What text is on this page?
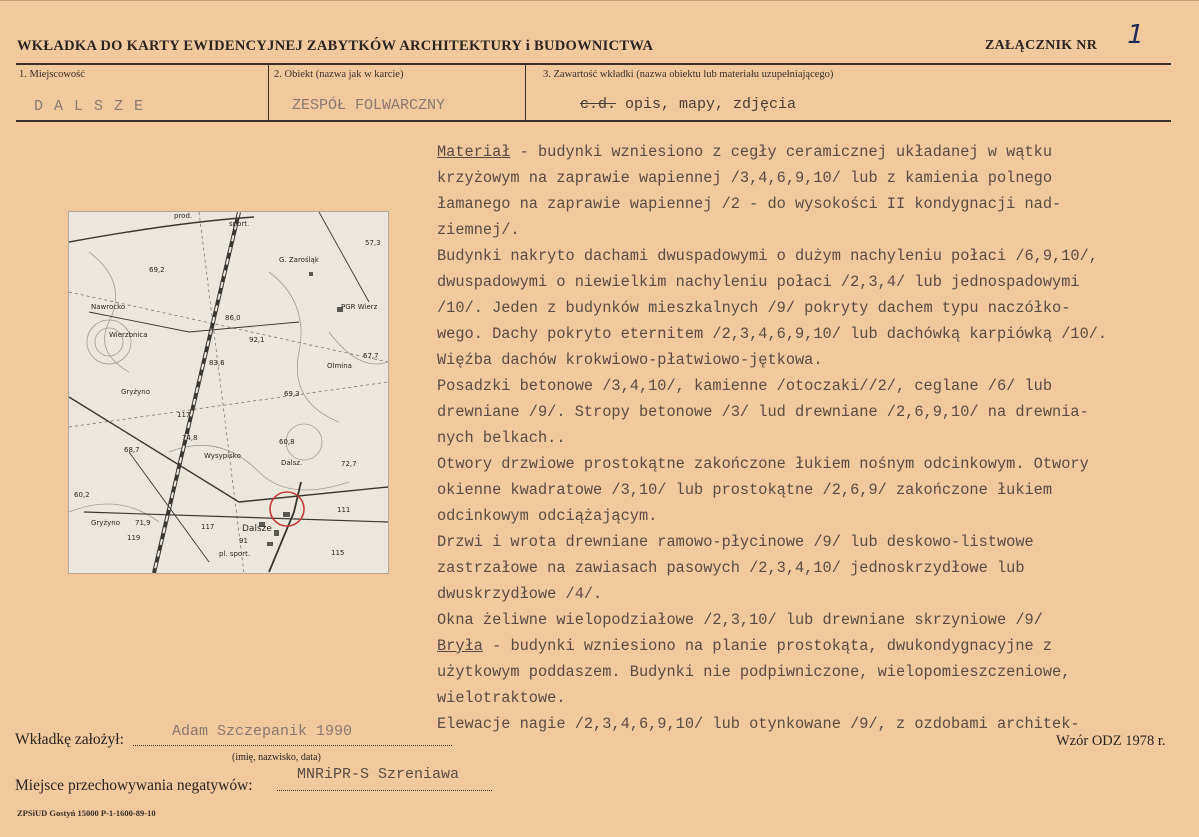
WKŁADKA DO KARTY EWIDENCYJNEJ ZABYTKÓW ARCHITEKTURY i BUDOWNICTWA	ZAŁĄCZNIK NR 1
1. Miejscowość
DALSZE
2. Obiekt (nazwa jak w karcie)
ZESPÓŁ FOLWARCZNY
3. Zawartość wkładki (nazwa obiektu lub materiału uzupełniającego)
c.d. opis, mapy, zdjęcia
prod.
sport.
57,3
G. Zarośląk
69,2
Nawrocko	PGR Wierz
86,0
Wierzbnica
92,1
67,7
Olmina
83,6
69,3
Gryżyno
117
74,8	60,8
68,7
Wysypisko
Dalsz.	72,7
60,2
111
Gryżyno 71,9
119
Dalsze
117
91
pl. sport.	115

Materiał - budynki wzniesiono z cegły ceramicznej układanej w wątku

krzyżowym na zaprawie wapiennej /3,4,6,9,10/ lub z kamienia polnego

łamanego na zaprawie wapiennej /2 - do wysokości II kondygnacji nad-

ziemnej/.

Budynki nakryto dachami dwuspadowymi o dużym nachyleniu połaci /6,9,10/,

dwuspadowymi o niewielkim nachyleniu połaci /2,3,4/ lub jednospadowymi

/10/. Jeden z budynków mieszkalnych /9/ pokryty dachem typu naczółko-

wego. Dachy pokryto eternitem /2,3,4,6,9,10/ lub dachówką karpiówką /10/.

Więźba dachów krokwiowo-płatwiowo-jętkowa.

Posadzki betonowe /3,4,10/, kamienne /otoczaki//2/, ceglane /6/ lub

drewniane /9/. Stropy betonowe /3/ lud drewniane /2,6,9,10/ na drewnia-

nych belkach..

Otwory drzwiowe prostokątne zakończone łukiem nośnym odcinkowym. Otwory

okienne kwadratowe /3,10/ lub prostokątne /2,6,9/ zakończone łukiem

odcinkowym odciążającym.

Drzwi i wrota drewniane ramowo-płycinowe /9/ lub deskowo-listwowe

zastrzałowe na zawiasach pasowych /2,3,4,10/ jednoskrzydłowe lub

dwuskrzydłowe /4/.

Okna żeliwne wielopodziałowe /2,3,10/ lub drewniane skrzyniowe /9/

Bryła - budynki wzniesiono na planie prostokąta, dwukondygnacyjne z

użytkowym poddaszem. Budynki nie podpiwniczone, wielopomieszczeniowe,

wielotraktowe.

Elewacje nagie /2,3,4,6,9,10/ lub otynkowane /9/, z ozdobami architek-

Wkładkę założył:	Adam Szczepanik 1990
(imię, nazwisko, data)
Wzór ODZ 1978 r.
Miejsce przechowywania negatywów:
MNRiPR-S Szreniawa
ZPSiUD Gostyń 15000 P-1-1600-89-10
